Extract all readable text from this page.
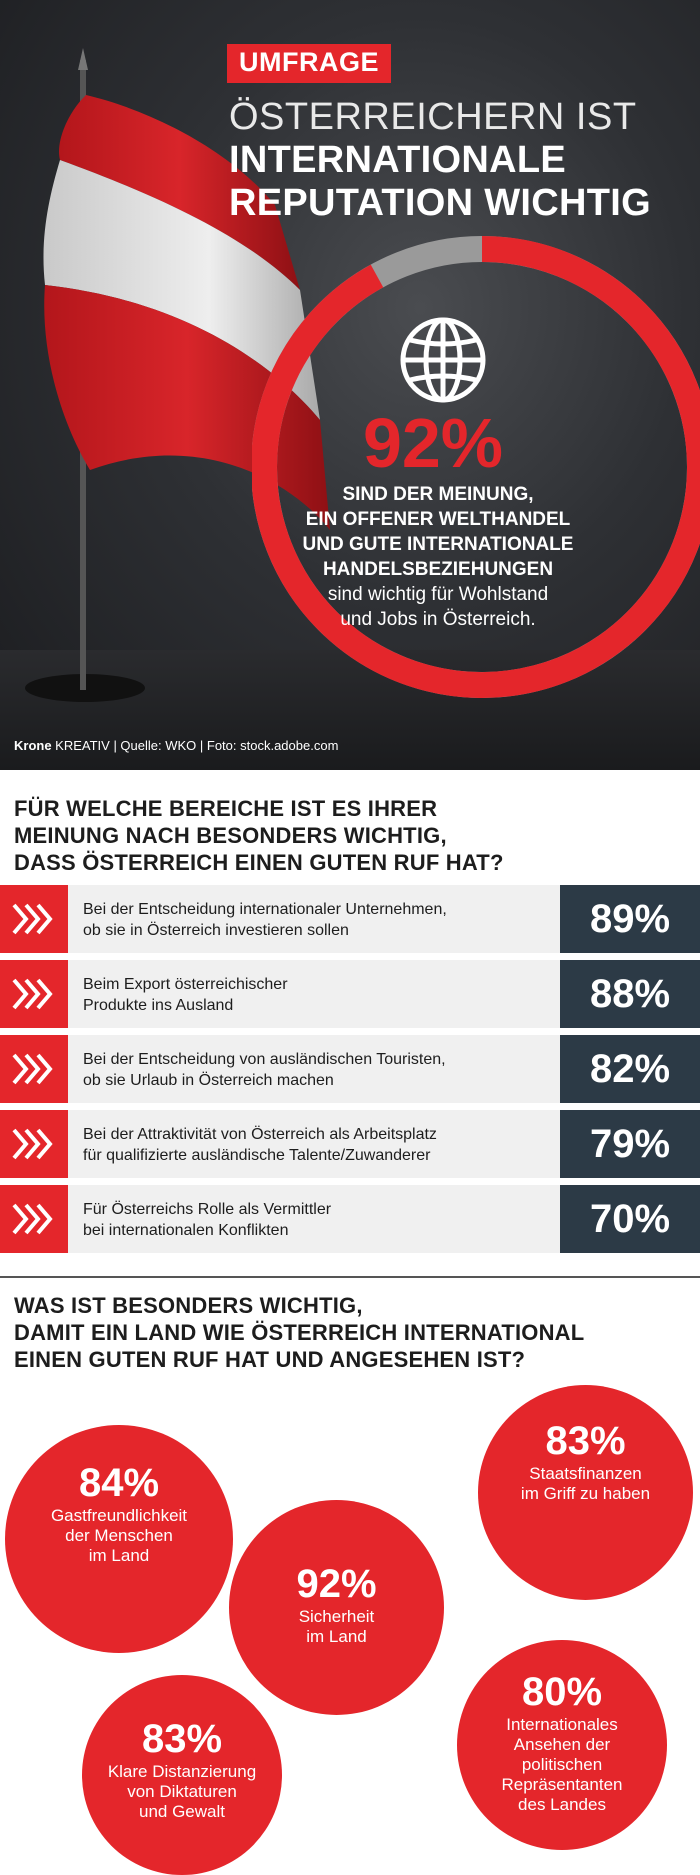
UMFRAGE
ÖSTERREICHERN IST
INTERNATIONALE
REPUTATION WICHTIG
92%
SIND DER MEINUNG,
EIN OFFENER WELTHANDEL
UND GUTE INTERNATIONALE
HANDELSBEZIEHUNGEN
sind wichtig für Wohlstand
und Jobs in Österreich.
Krone KREATIV | Quelle: WKO | Foto: stock.adobe.com
FÜR WELCHE BEREICHE IST ES IHRER
MEINUNG NACH BESONDERS WICHTIG,
DASS ÖSTERREICH EINEN GUTEN RUF HAT?
Bei der Entscheidung internationaler Unternehmen,
ob sie in Österreich investieren sollen	89%
Beim Export österreichischer
Produkte ins Ausland	88%
Bei der Entscheidung von ausländischen Touristen,
ob sie Urlaub in Österreich machen	82%
Bei der Attraktivität von Österreich als Arbeitsplatz
für qualifizierte ausländische Talente/Zuwanderer	79%
Für Österreichs Rolle als Vermittler
bei internationalen Konflikten	70%
WAS IST BESONDERS WICHTIG,
DAMIT EIN LAND WIE ÖSTERREICH INTERNATIONAL
EINEN GUTEN RUF HAT UND ANGESEHEN IST?
84%
Gastfreundlichkeit
der Menschen
im Land
83%
Staatsfinanzen
im Griff zu haben
92%
Sicherheit
im Land
83%
Klare Distanzierung
von Diktaturen
und Gewalt
80%
Internationales
Ansehen der
politischen
Repräsentanten
des Landes
